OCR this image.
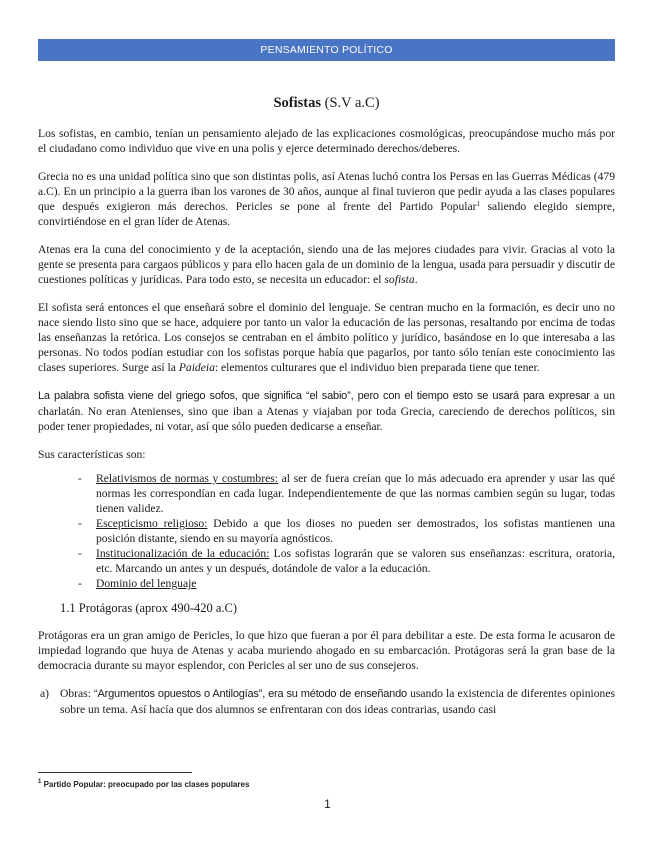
PENSAMIENTO POLÍTICO
Sofistas (S.V a.C)

Los sofistas, en cambio, tenían un pensamiento alejado de las explicaciones cosmológicas, preocupándose mucho más por el ciudadano como individuo que vive en una polis y ejerce determinado derechos/deberes.

Grecia no es una unidad política sino que son distintas polis, así Atenas luchó contra los Persas en las Guerras Médicas (479 a.C). En un principio a la guerra iban los varones de 30 años, aunque al final tuvieron que pedir ayuda a las clases populares que después exigieron más derechos. Pericles se pone al frente del Partido Popular$^1$ saliendo elegido siempre, convirtiéndose en el gran líder de Atenas.

Atenas era la cuna del conocimiento y de la aceptación, siendo una de las mejores ciudades para vivir. Gracias al voto la gente se presenta para cargaos públicos y para ello hacen gala de un dominio de la lengua, usada para persuadir y discutir de cuestiones políticas y jurídicas. Para todo esto, se necesita un educador: el sofista.

El sofista será entonces el que enseñará sobre el dominio del lenguaje. Se centran mucho en la formación, es decir uno no nace siendo listo sino que se hace, adquiere por tanto un valor la educación de las personas, resaltando por encima de todas las enseñanzas la retórica. Los consejos se centraban en el ámbito político y jurídico, basándose en lo que interesaba a las personas. No todos podían estudiar con los sofistas porque había que pagarlos, por tanto sólo tenían este conocimiento las clases superiores. Surge así la Paideia: elementos culturares que el individuo bien preparada tiene que tener.

La palabra sofista viene del griego sofos, que significa “el sabio”, pero con el tiempo esto se usará para expresar a un charlatán. No eran Atenienses, sino que iban a Atenas y viajaban por toda Grecia, careciendo de derechos políticos, sin poder tener propiedades, ni votar, así que sólo pueden dedicarse a enseñar.

Sus características son:

- Relativismos de normas y costumbres: al ser de fuera creían que lo más adecuado era aprender y usar las qué normas les correspondían en cada lugar. Independientemente de que las normas cambien según su lugar, todas tienen validez.
- Escepticismo religioso: Debido a que los dioses no pueden ser demostrados, los sofistas mantienen una posición distante, siendo en su mayoría agnósticos.
- Institucionalización de la educación: Los sofistas lograrán que se valoren sus enseñanzas: escritura, oratoria, etc. Marcando un antes y un después, dotándole de valor a la educación.
- Dominio del lenguaje
1.1 Protágoras (aprox 490-420 a.C)

Protágoras era un gran amigo de Pericles, lo que hizo que fueran a por él para debilitar a este. De esta forma le acusaron de impiedad logrando que huya de Atenas y acaba muriendo ahogado en su embarcación. Protágoras será la gran base de la democracia durante su mayor esplendor, con Pericles al ser uno de sus consejeros.

a) Obras: “Argumentos opuestos o Antilogías”, era su método de enseñando usando la existencia de diferentes opiniones sobre un tema. Así hacía que dos alumnos se enfrentaran con dos ideas contrarias, usando casi

$^1$ Partido Popular: preocupado por las clases populares
1
